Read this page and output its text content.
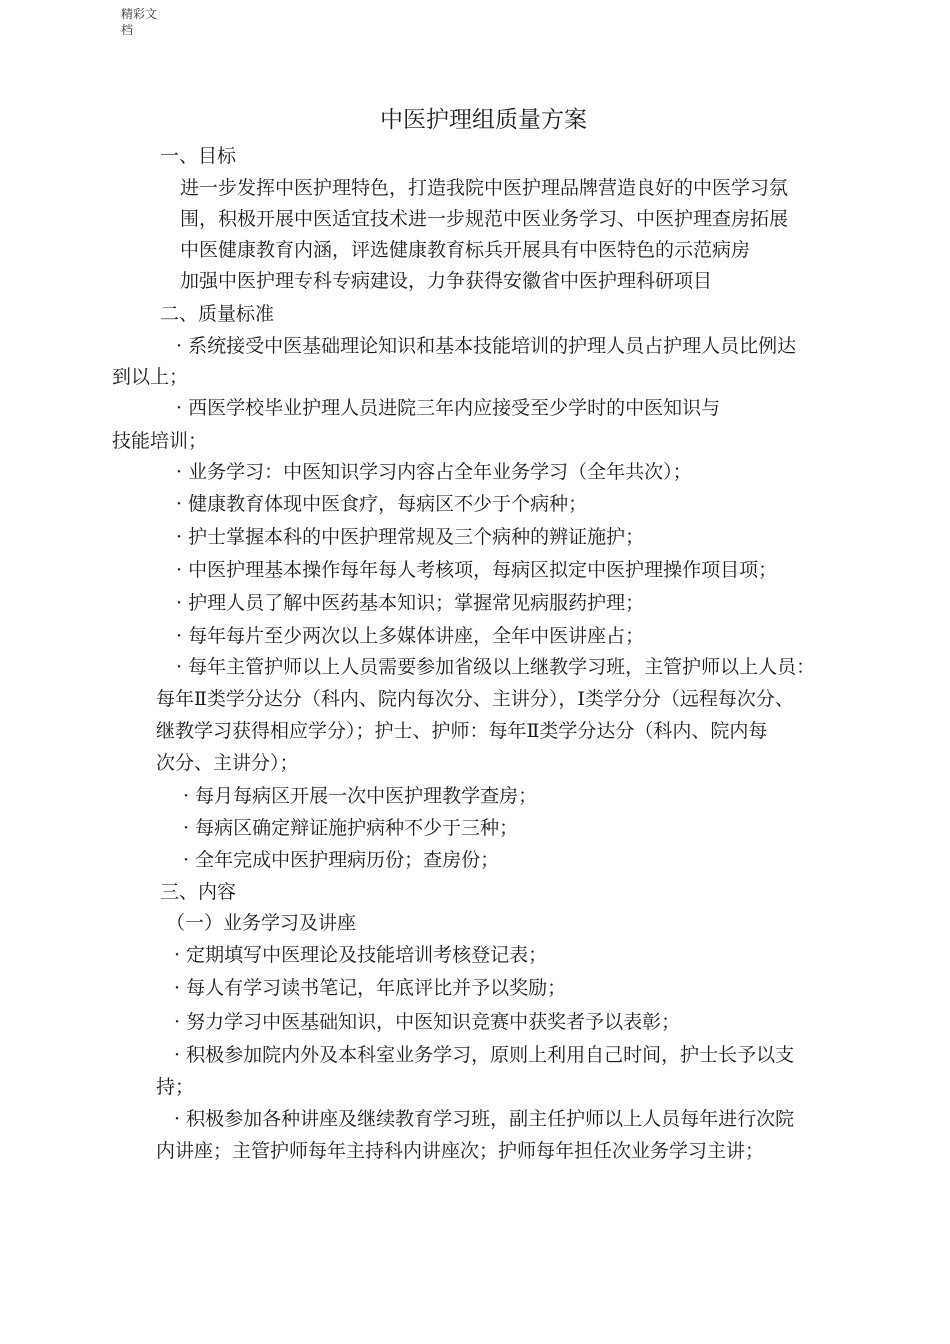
精彩文
档
中医护理组质量方案
一、目标
进一步发挥中医护理特色，打造我院中医护理品牌营造良好的中医学习氛
围，积极开展中医适宜技术进一步规范中医业务学习、中医护理查房拓展
中医健康教育内涵，评选健康教育标兵开展具有中医特色的示范病房
加强中医护理专科专病建设，力争获得安徽省中医护理科研项目
二、质量标准
· 系统接受中医基础理论知识和基本技能培训的护理人员占护理人员比例达
到以上；
· 西医学校毕业护理人员进院三年内应接受至少学时的中医知识与
技能培训；
· 业务学习：中医知识学习内容占全年业务学习（全年共次）；
· 健康教育体现中医食疗，每病区不少于个病种；
· 护士掌握本科的中医护理常规及三个病种的辨证施护；
· 中医护理基本操作每年每人考核项，每病区拟定中医护理操作项目项；
· 护理人员了解中医药基本知识；掌握常见病服药护理；
· 每年每片至少两次以上多媒体讲座，全年中医讲座占；
· 每年主管护师以上人员需要参加省级以上继教学习班，主管护师以上人员：
每年Ⅱ类学分达分（科内、院内每次分、主讲分），Ⅰ类学分分（远程每次分、
继教学习获得相应学分）；护士、护师：每年Ⅱ类学分达分（科内、院内每
次分、主讲分）；
· 每月每病区开展一次中医护理教学查房；
· 每病区确定辩证施护病种不少于三种；
· 全年完成中医护理病历份；查房份；
三、内容
（一）业务学习及讲座
· 定期填写中医理论及技能培训考核登记表；
· 每人有学习读书笔记，年底评比并予以奖励；
· 努力学习中医基础知识，中医知识竞赛中获奖者予以表彰；
· 积极参加院内外及本科室业务学习，原则上利用自己时间，护士长予以支
持；
· 积极参加各种讲座及继续教育学习班，副主任护师以上人员每年进行次院
内讲座；主管护师每年主持科内讲座次；护师每年担任次业务学习主讲；
